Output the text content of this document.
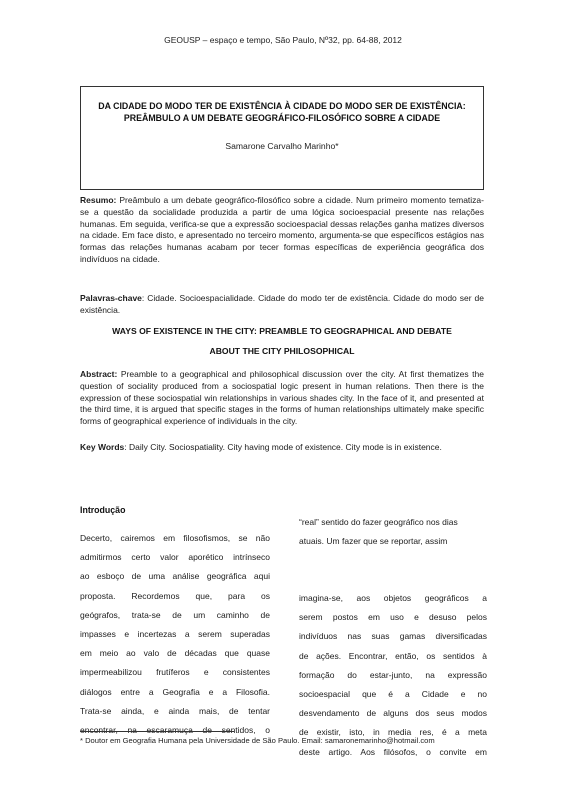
GEOUSP – espaço e tempo, São Paulo, Nº32, pp. 64-88, 2012
DA CIDADE DO MODO TER DE EXISTÊNCIA À CIDADE DO MODO SER DE EXISTÊNCIA:
PREÂMBULO A UM DEBATE GEOGRÁFICO-FILOSÓFICO SOBRE A CIDADE
Samarone Carvalho Marinho*
Resumo: Preâmbulo a um debate geográfico-filosófico sobre a cidade. Num primeiro momento tematiza-se a questão da socialidade produzida a partir de uma lógica socioespacial presente nas relações humanas. Em seguida, verifica-se que a expressão socioespacial dessas relações ganha matizes diversos na cidade. Em face disto, e apresentado no terceiro momento, argumenta-se que específicos estágios nas formas das relações humanas acabam por tecer formas específicas de experiência geográfica dos indivíduos na cidade.
Palavras-chave: Cidade. Socioespacialidade. Cidade do modo ter de existência. Cidade do modo ser de existência.
WAYS OF EXISTENCE IN THE CITY: PREAMBLE TO GEOGRAPHICAL AND DEBATE
ABOUT THE CITY PHILOSOPHICAL
Abstract: Preamble to a geographical and philosophical discussion over the city. At first thematizes the question of sociality produced from a sociospatial logic present in human relations. Then there is the expression of these sociospatial win relationships in various shades city. In the face of it, and presented at the third time, it is argued that specific stages in the forms of human relationships ultimately make specific forms of geographical experience of individuals in the city.
Key Words: Daily City. Sociospatiality. City having mode of existence. City mode is in existence.
Introdução
Decerto, cairemos em filosofismos, se não
admitirmos certo valor aporético intrínseco
ao esboço de uma análise geográfica aqui
proposta. Recordemos que, para os
geógrafos, trata-se de um caminho de
impasses e incertezas a serem superadas
em meio ao valo de décadas que quase
impermeabilizou frutíferos e consistentes
diálogos entre a Geografia e a Filosofia.
Trata-se ainda, e ainda mais, de tentar
encontrar, na escaramuça de sentidos, o
“real” sentido do fazer geográfico nos dias
atuais. Um fazer que se reportar, assim
imagina-se, aos objetos geográficos a
serem postos em uso e desuso pelos
indivíduos nas suas gamas diversificadas
de ações. Encontrar, então, os sentidos à
formação do estar-junto, na expressão
socioespacial que é a Cidade e no
desvendamento de alguns dos seus modos
de existir, isto, in media res, é a meta
deste artigo. Aos filósofos, o convite em
* Doutor em Geografia Humana pela Universidade de São Paulo. Email: samaronemarinho@hotmail.com
